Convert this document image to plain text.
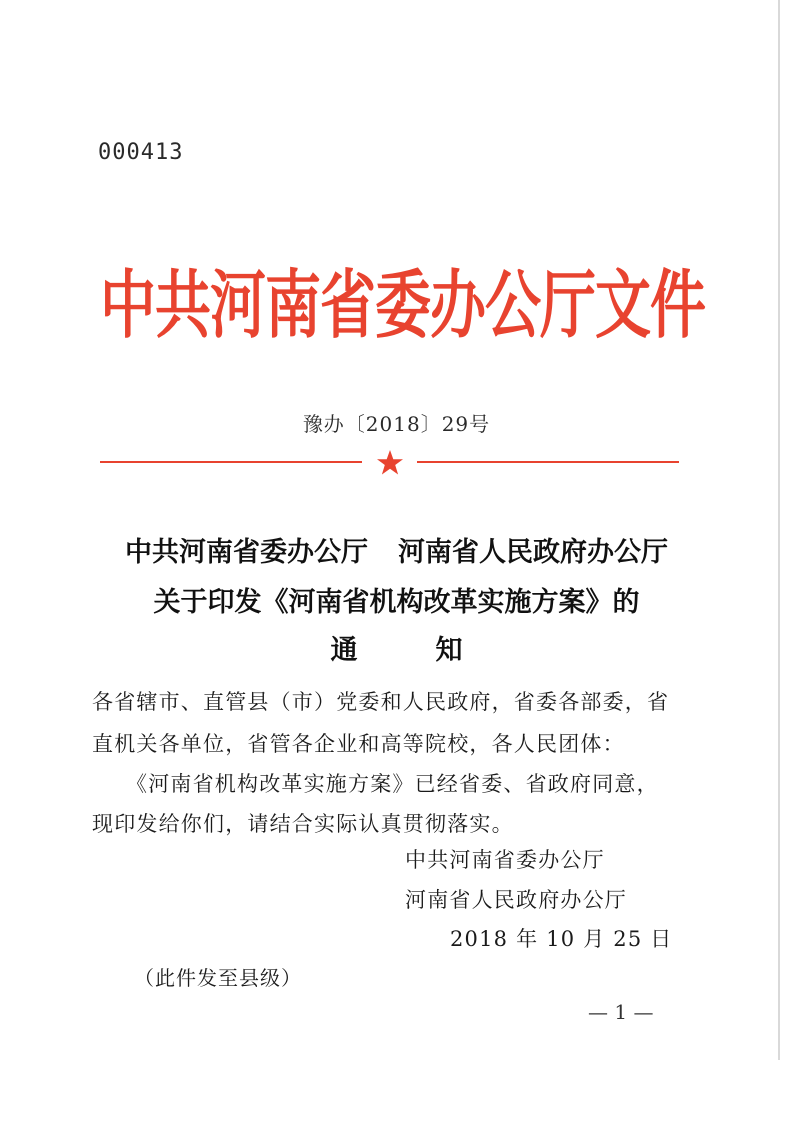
000413
中共河南省委办公厅文件
豫办〔2018〕29号
中共河南省委办公厅 河南省人民政府办公厅
关于印发《河南省机构改革实施方案》的
通	知
各省辖市、直管县（市）党委和人民政府，省委各部委，省
直机关各单位，省管各企业和高等院校，各人民团体：
《河南省机构改革实施方案》已经省委、省政府同意，
现印发给你们，请结合实际认真贯彻落实。
中共河南省委办公厅
河南省人民政府办公厅
2018 年 10 月 25 日
（此件发至县级）
— 1 —
